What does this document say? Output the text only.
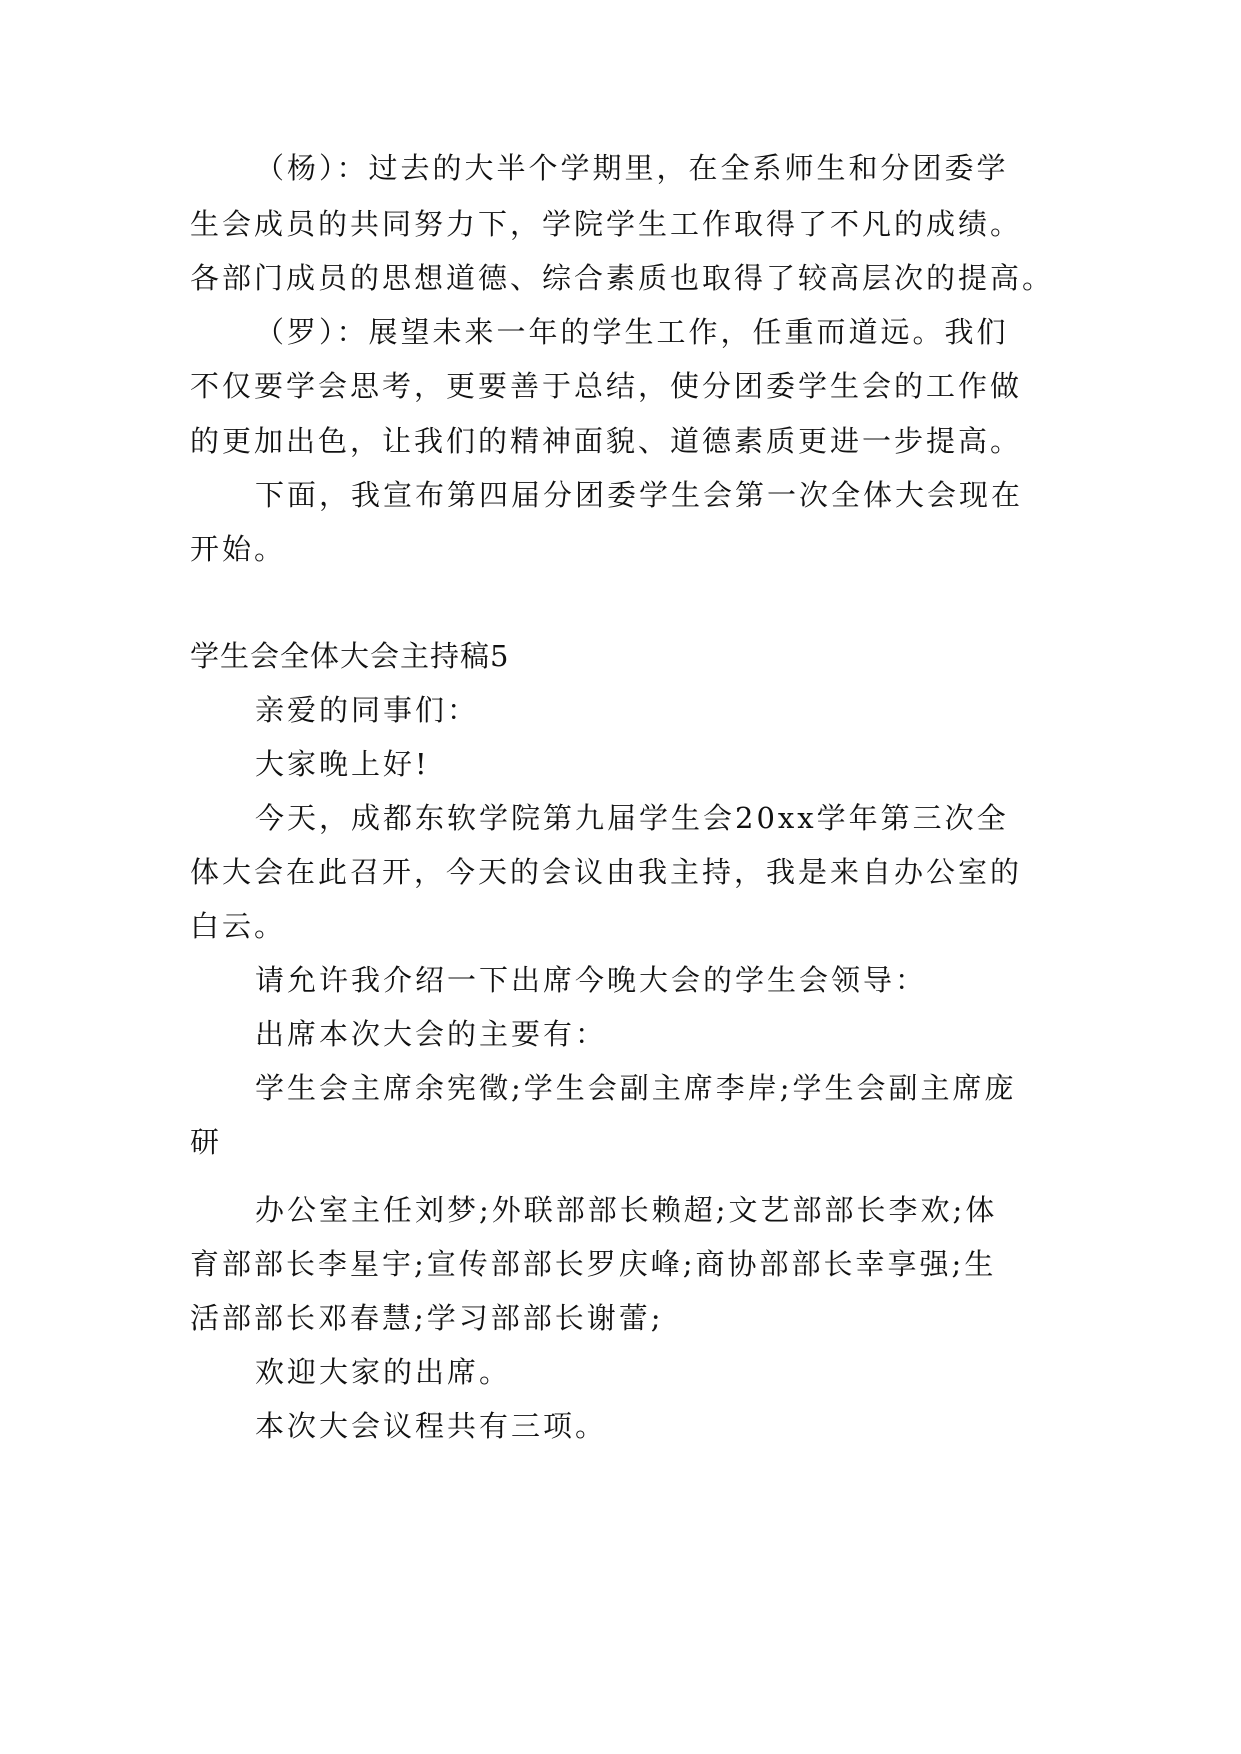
（杨）：过去的大半个学期里，在全系师生和分团委学
生会成员的共同努力下，学院学生工作取得了不凡的成绩。
各部门成员的思想道德、综合素质也取得了较高层次的提高。
（罗）：展望未来一年的学生工作，任重而道远。我们
不仅要学会思考，更要善于总结，使分团委学生会的工作做
的更加出色，让我们的精神面貌、道德素质更进一步提高。
下面，我宣布第四届分团委学生会第一次全体大会现在
开始。
学生会全体大会主持稿5
亲爱的同事们：
大家晚上好!
今天，成都东软学院第九届学生会20xx学年第三次全
体大会在此召开，今天的会议由我主持，我是来自办公室的
白云。
请允许我介绍一下出席今晚大会的学生会领导：
出席本次大会的主要有：
学生会主席余宪徵;学生会副主席李岸;学生会副主席庞
研
办公室主任刘梦;外联部部长赖超;文艺部部长李欢;体
育部部长李星宇;宣传部部长罗庆峰;商协部部长幸享强;生
活部部长邓春慧;学习部部长谢蕾;
欢迎大家的出席。
本次大会议程共有三项。
